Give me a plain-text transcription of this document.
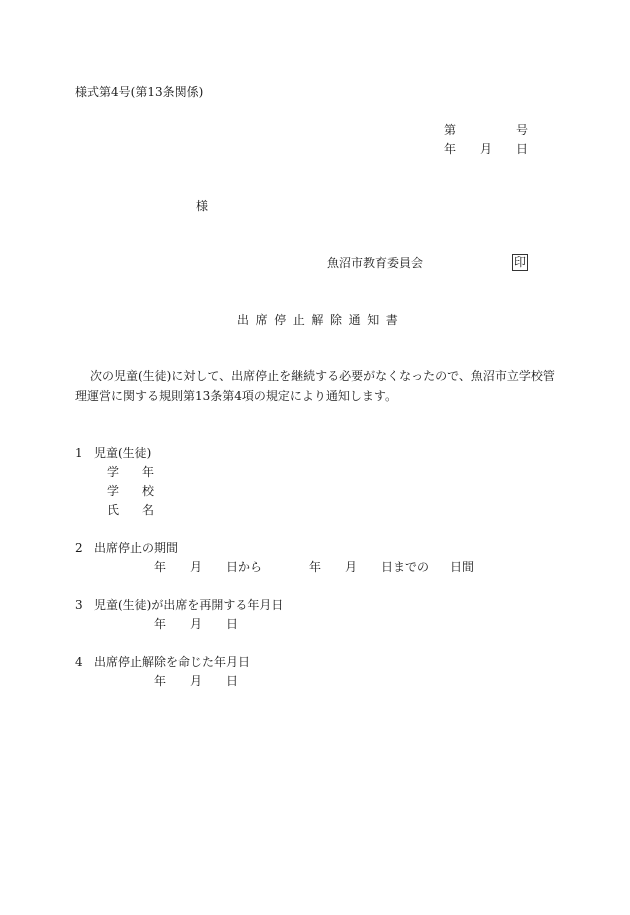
様式第4号(第13条関係)
第	号
年 月 日
様
魚沼市教育委員会	印
出席停止解除通知書
次の児童(生徒)に対して、出席停止を継続する必要がなくなったので、魚沼市立学校管
理運営に関する規則第13条第4項の規定により通知します。
1 児童(生徒)
学 年
学 校
氏 名
2 出席停止の期間
年 月 日から	年 月 日までの 日間
3 児童(生徒)が出席を再開する年月日
年 月 日
4 出席停止解除を命じた年月日
年 月 日
